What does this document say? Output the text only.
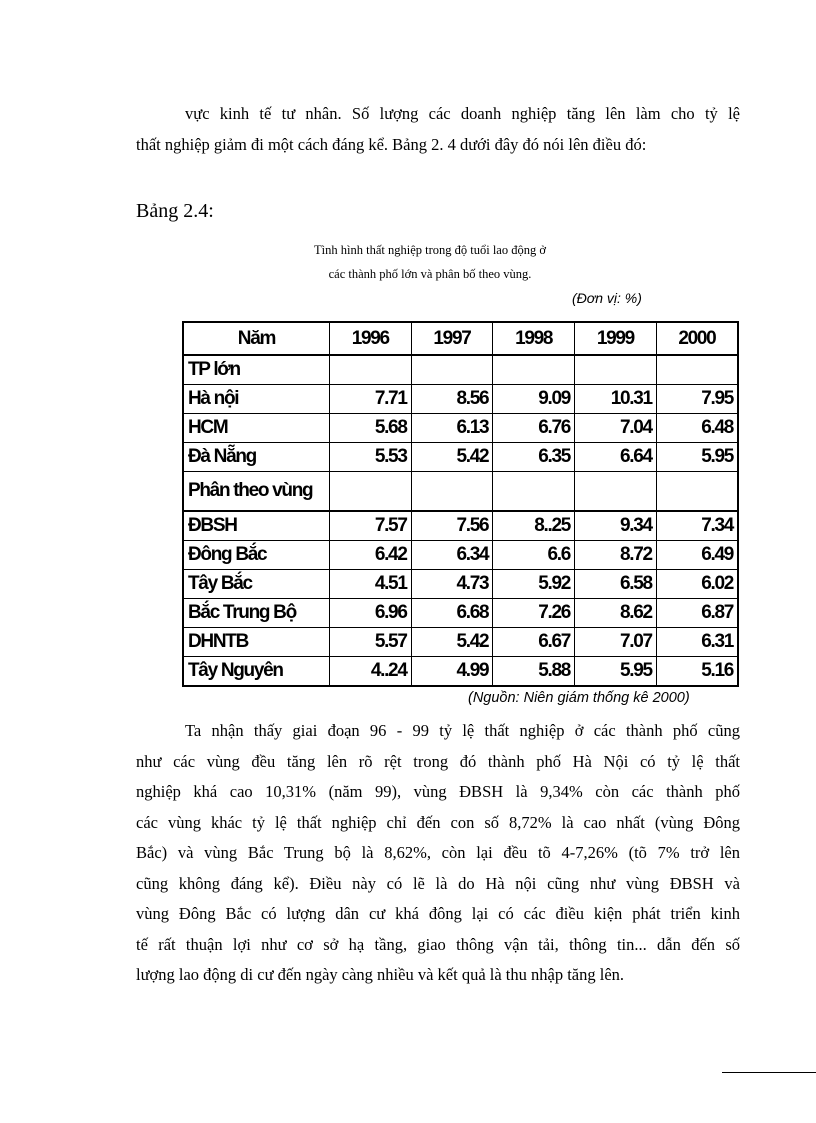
vực kinh tế tư nhân. Số lượng các doanh nghiệp tăng lên làm cho tỷ lệ
thất nghiệp giảm đi một cách đáng kể. Bảng 2. 4 dưới đây đó nói lên điều đó:

Bảng 2.4:

Tình hình thất nghiệp trong độ tuổi lao động ở
các thành phố lớn và phân bố theo vùng.
(Đơn vị: %)
Năm	1996	1997	1998	1999	2000
TP lớn					
Hà nội	7.71	8.56	9.09	10.31	7.95
HCM	5.68	6.13	6.76	7.04	6.48
Đà Nẵng	5.53	5.42	6.35	6.64	5.95
Phân theo vùng					
ĐBSH	7.57	7.56	8..25	9.34	7.34
Đông Bắc	6.42	6.34	6.6	8.72	6.49
Tây Bắc	4.51	4.73	5.92	6.58	6.02
Bắc Trung Bộ	6.96	6.68	7.26	8.62	6.87
DHNTB	5.57	5.42	6.67	7.07	6.31
Tây Nguyên	4..24	4.99	5.88	5.95	5.16
(Nguồn: Niên giám thống kê 2000)
Ta nhận thấy giai đoạn 96 - 99 tỷ lệ thất nghiệp ở các thành phố cũng
như các vùng đều tăng lên rõ rệt trong đó thành phố Hà Nội có tỷ lệ thất
nghiệp khá cao 10,31% (năm 99), vùng ĐBSH là 9,34% còn các thành phố
các vùng khác tỷ lệ thất nghiệp chỉ đến con số 8,72% là cao nhất (vùng Đông
Bắc) và vùng Bắc Trung bộ là 8,62%, còn lại đều tõ 4-7,26% (tõ 7% trở lên
cũng không đáng kể). Điều này có lẽ là do Hà nội cũng như vùng ĐBSH và
vùng Đông Bắc có lượng dân cư khá đông lại có các điều kiện phát triển kinh
tế rất thuận lợi như cơ sở hạ tầng, giao thông vận tải, thông tin... dẫn đến số
lượng lao động di cư đến ngày càng nhiều và kết quả là thu nhập tăng lên.
